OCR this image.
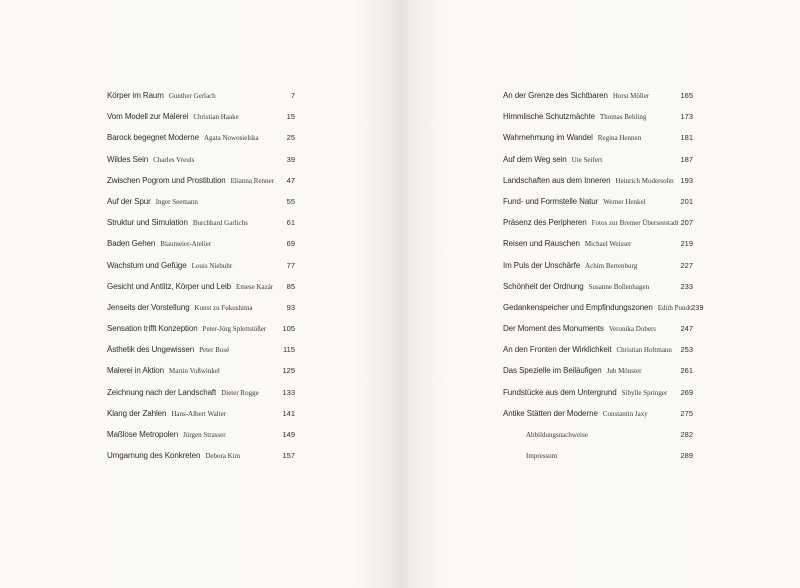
Körper im Raum Gunther Gerlach	7
Vom Modell zur Malerei Christian Haake	15
Barock begegnet Moderne Agata Nowosielska	25
Wildes Sein Charles Vreuls	39
Zwischen Pogrom und Prostitution Elianna Renner 47
Auf der Spur Inger Seemann	55
Struktur und Simulation Burchhard Garlichs	61
Baden Gehen Blaumeier-Atelier	69
Wachstum und Gefüge Louis Niebuhr	77
Gesicht und Antlitz, Körper und Leib Emese Kazár 85
Jenseits der Vorstellung Kunst zu Fukushima	93
Sensation trifft Konzeption Peter-Jörg Splettstößer 105
Ästhetik des Ungewissen Peter Bosé	115
Malerei in Aktion Martin Voßwinkel	125
Zeichnung nach der Landschaft Dieter Rogge	133
Klang der Zahlen Hans-Albert Walter	141
Maßlose Metropolen Jürgen Strasser	149
Umgarnung des Konkreten Debora Kim	157
An der Grenze des Sichtbaren Horst Möller	165
Himmlische Schutzmächte Thomas Behling	173
Wahrnehmung im Wandel Regina Hennen	181
Auf dem Weg sein Ute Seifert	187
Landschaften aus dem Inneren Heinrich Modersohn 193
Fund- und Formstelle Natur Werner Henkel	201
Präsenz des Peripheren Fotos zur Bremer Überseestadt 207
Reisen und Rauschen Michael Weisser	219
Im Puls der Unschärfe Achim Bertenburg	227
Schönheit der Ordnung Susanne Bollenhagen	233
Gedankenspeicher und Empfindungszonen Edith Pundt 239
Der Moment des Monuments Veronika Dobers	247
An den Fronten der Wirklichkeit Christian Holtmann 253
Das Spezielle im Beiläufigen Jub Mönster	261
Fundstücke aus dem Untergrund Sibylle Springer 269
Antike Stätten der Moderne Constantin Jaxy	275
Abbildungsnachweise	282
Impressum	289
